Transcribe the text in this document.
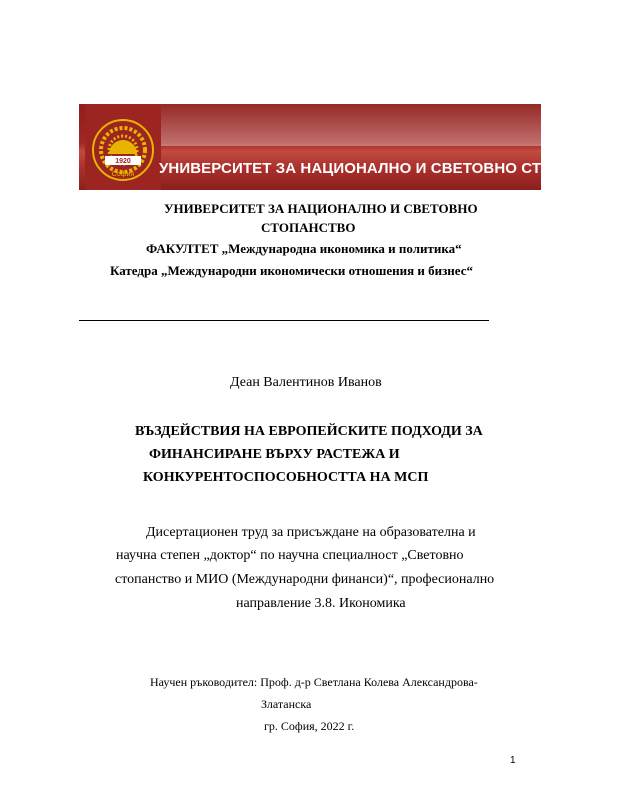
1920
София УНИВЕРСИТЕТ ЗА НАЦИОНАЛНО И СВЕТОВНО СТОПАНСТВО
УНИВЕРСИТЕТ ЗА НАЦИОНАЛНО И СВЕТОВНО
СТОПАНСТВО
ФАКУЛТЕТ „Международна икономика и политика“
Катедра „Международни икономически отношения и бизнес“
Деан Валентинов Иванов
ВЪЗДЕЙСТВИЯ НА ЕВРОПЕЙСКИТЕ ПОДХОДИ ЗА
ФИНАНСИРАНЕ ВЪРХУ РАСТЕЖА И
КОНКУРЕНТОСПОСОБНОСТТА НА МСП
Дисертационен труд за присъждане на образователна и
научна степен „доктор“ по научна специалност „Световно
стопанство и МИО (Международни финанси)“, професионално
направление 3.8. Икономика
Научен ръководител: Проф. д-р Светлана Колева Александрова-
Златанска
гр. София, 2022 г.
1
